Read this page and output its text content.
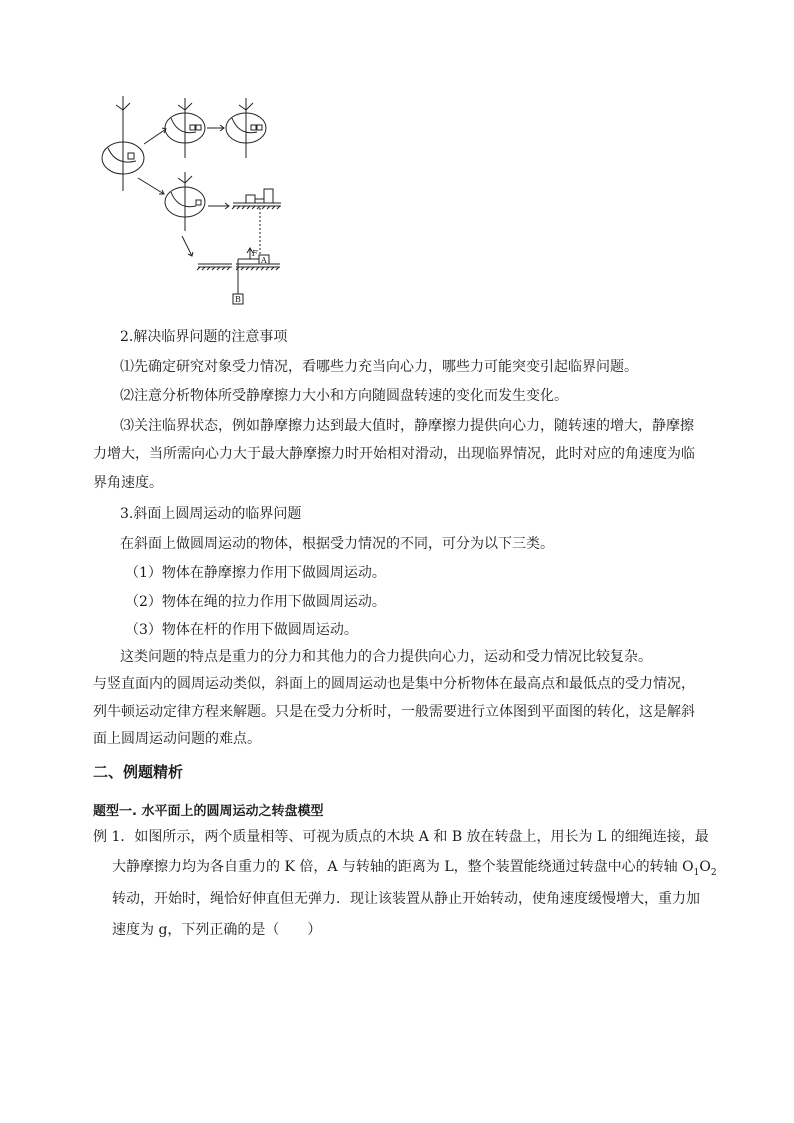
F
A
B
2.解决临界问题的注意事项
⑴先确定研究对象受力情况，看哪些力充当向心力，哪些力可能突变引起临界问题。
⑵注意分析物体所受静摩擦力大小和方向随圆盘转速的变化而发生变化。
⑶关注临界状态，例如静摩擦力达到最大值时，静摩擦力提供向心力，随转速的增大，静摩擦
力增大，当所需向心力大于最大静摩擦力时开始相对滑动，出现临界情况，此时对应的角速度为临
界角速度。
3.斜面上圆周运动的临界问题
在斜面上做圆周运动的物体，根据受力情况的不同，可分为以下三类。
（1）物体在静摩擦力作用下做圆周运动。
（2）物体在绳的拉力作用下做圆周运动。
（3）物体在杆的作用下做圆周运动。
这类问题的特点是重力的分力和其他力的合力提供向心力，运动和受力情况比较复杂。
与竖直面内的圆周运动类似，斜面上的圆周运动也是集中分析物体在最高点和最低点的受力情况，
列牛顿运动定律方程来解题。只是在受力分析时，一般需要进行立体图到平面图的转化，这是解斜
面上圆周运动问题的难点。
二、例题精析
题型一. 水平面上的圆周运动之转盘模型
例 1．如图所示，两个质量相等、可视为质点的木块 A 和 B 放在转盘上，用长为 L 的细绳连接，最
大静摩擦力均为各自重力的 K 倍，A 与转轴的距离为 L，整个装置能绕通过转盘中心的转轴 $O_1O_2$
转动，开始时，绳恰好伸直但无弹力．现让该装置从静止开始转动，使角速度缓慢增大，重力加
速度为 g，下列正确的是（　　）
